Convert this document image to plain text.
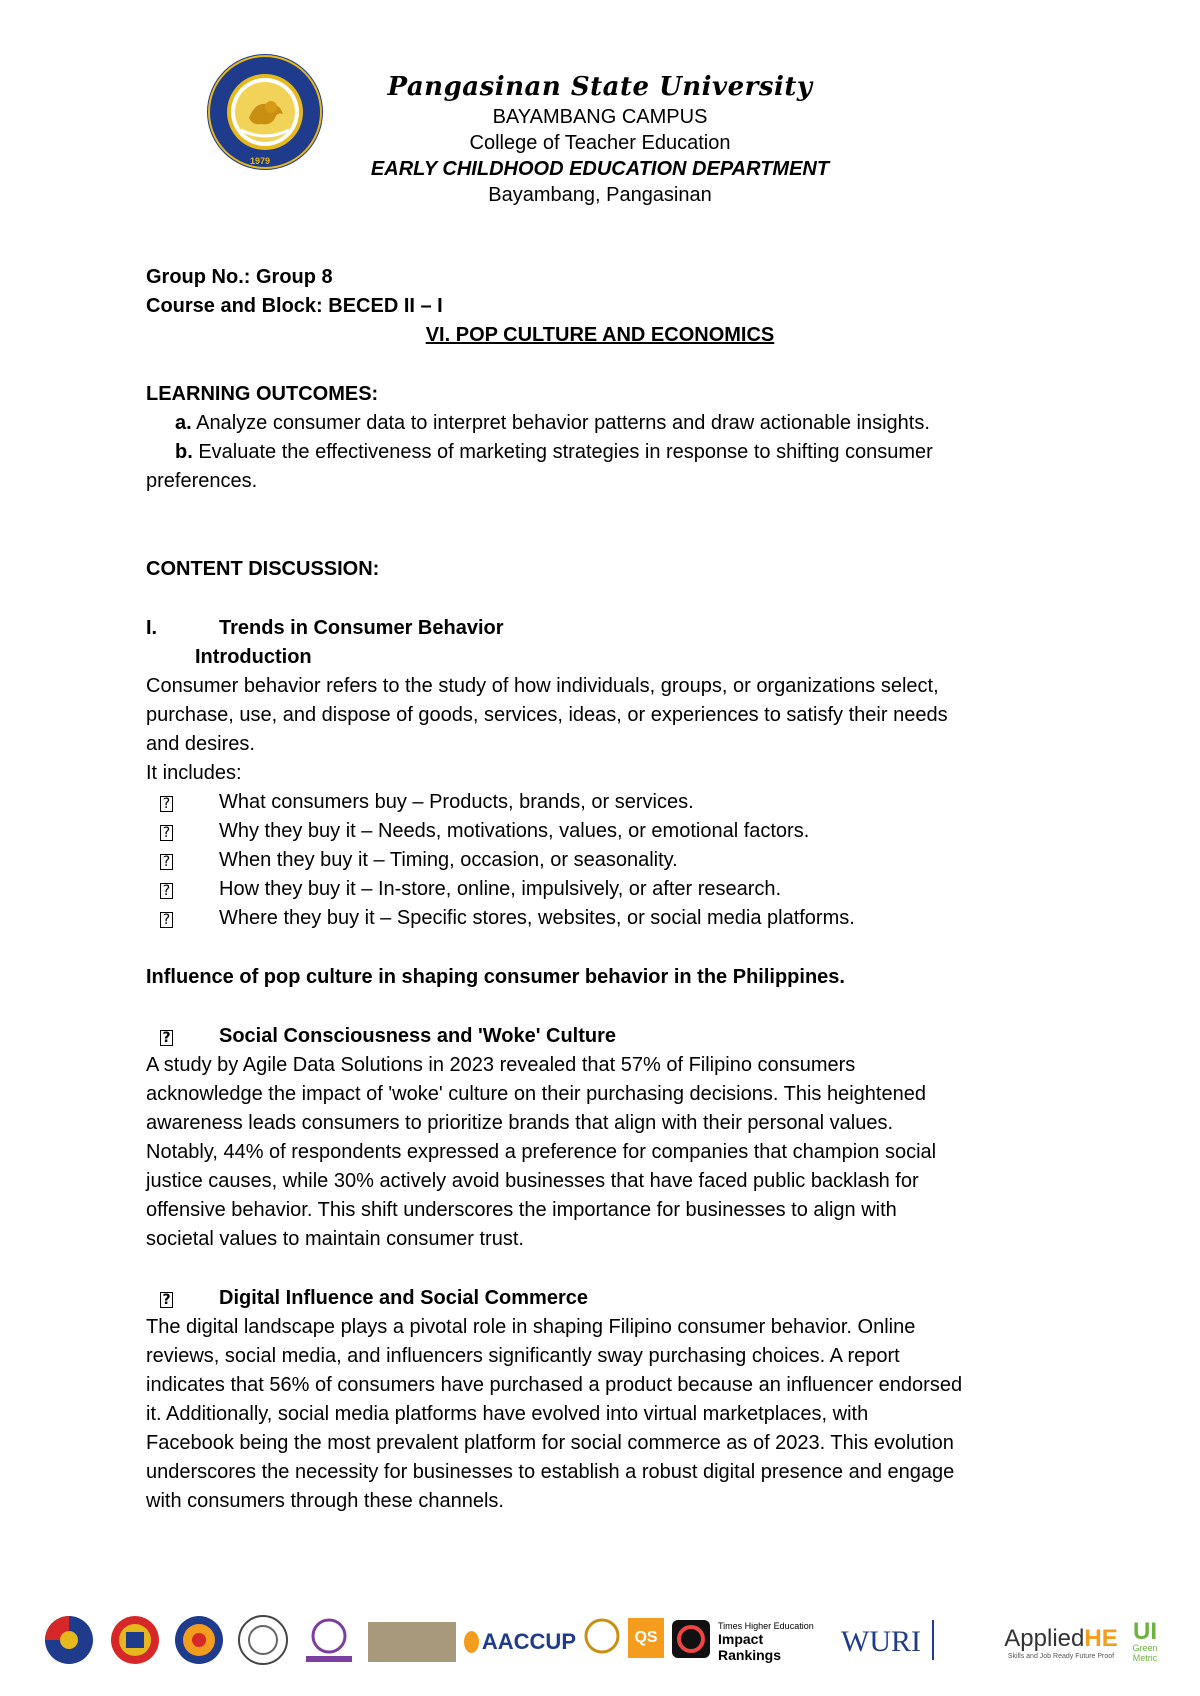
1979
Pangasinan State University
BAYAMBANG CAMPUS
College of Teacher Education
EARLY CHILDHOOD EDUCATION DEPARTMENT
Bayambang, Pangasinan
Group No.: Group 8
Course and Block: BECED II – I
VI. POP CULTURE AND ECONOMICS
LEARNING OUTCOMES:
a. Analyze consumer data to interpret behavior patterns and draw actionable insights.
b. Evaluate the effectiveness of marketing strategies in response to shifting consumer
preferences.
CONTENT DISCUSSION:
I.	Trends in Consumer Behavior
Introduction
Consumer behavior refers to the study of how individuals, groups, or organizations select,
purchase, use, and dispose of goods, services, ideas, or experiences to satisfy their needs
and desires.
It includes:
? What consumers buy – Products, brands, or services.
? Why they buy it – Needs, motivations, values, or emotional factors.
? When they buy it – Timing, occasion, or seasonality.
? How they buy it – In-store, online, impulsively, or after research.
? Where they buy it – Specific stores, websites, or social media platforms.
Influence of pop culture in shaping consumer behavior in the Philippines.
? Social Consciousness and 'Woke' Culture
A study by Agile Data Solutions in 2023 revealed that 57% of Filipino consumers
acknowledge the impact of 'woke' culture on their purchasing decisions. This heightened
awareness leads consumers to prioritize brands that align with their personal values.
Notably, 44% of respondents expressed a preference for companies that champion social
justice causes, while 30% actively avoid businesses that have faced public backlash for
offensive behavior. This shift underscores the importance for businesses to align with
societal values to maintain consumer trust.
? Digital Influence and Social Commerce
The digital landscape plays a pivotal role in shaping Filipino consumer behavior. Online
reviews, social media, and influencers significantly sway purchasing choices. A report
indicates that 56% of consumers have purchased a product because an influencer endorsed
it. Additionally, social media platforms have evolved into virtual marketplaces, with
Facebook being the most prevalent platform for social commerce as of 2023. This evolution
underscores the necessity for businesses to establish a robust digital presence and engage
with consumers through these channels.
AACCUP	QS
Times Higher Education
Impact Rankings	WURI	AppliedHE
Skills and Job Ready Future Proof
UI
Green
Metric
